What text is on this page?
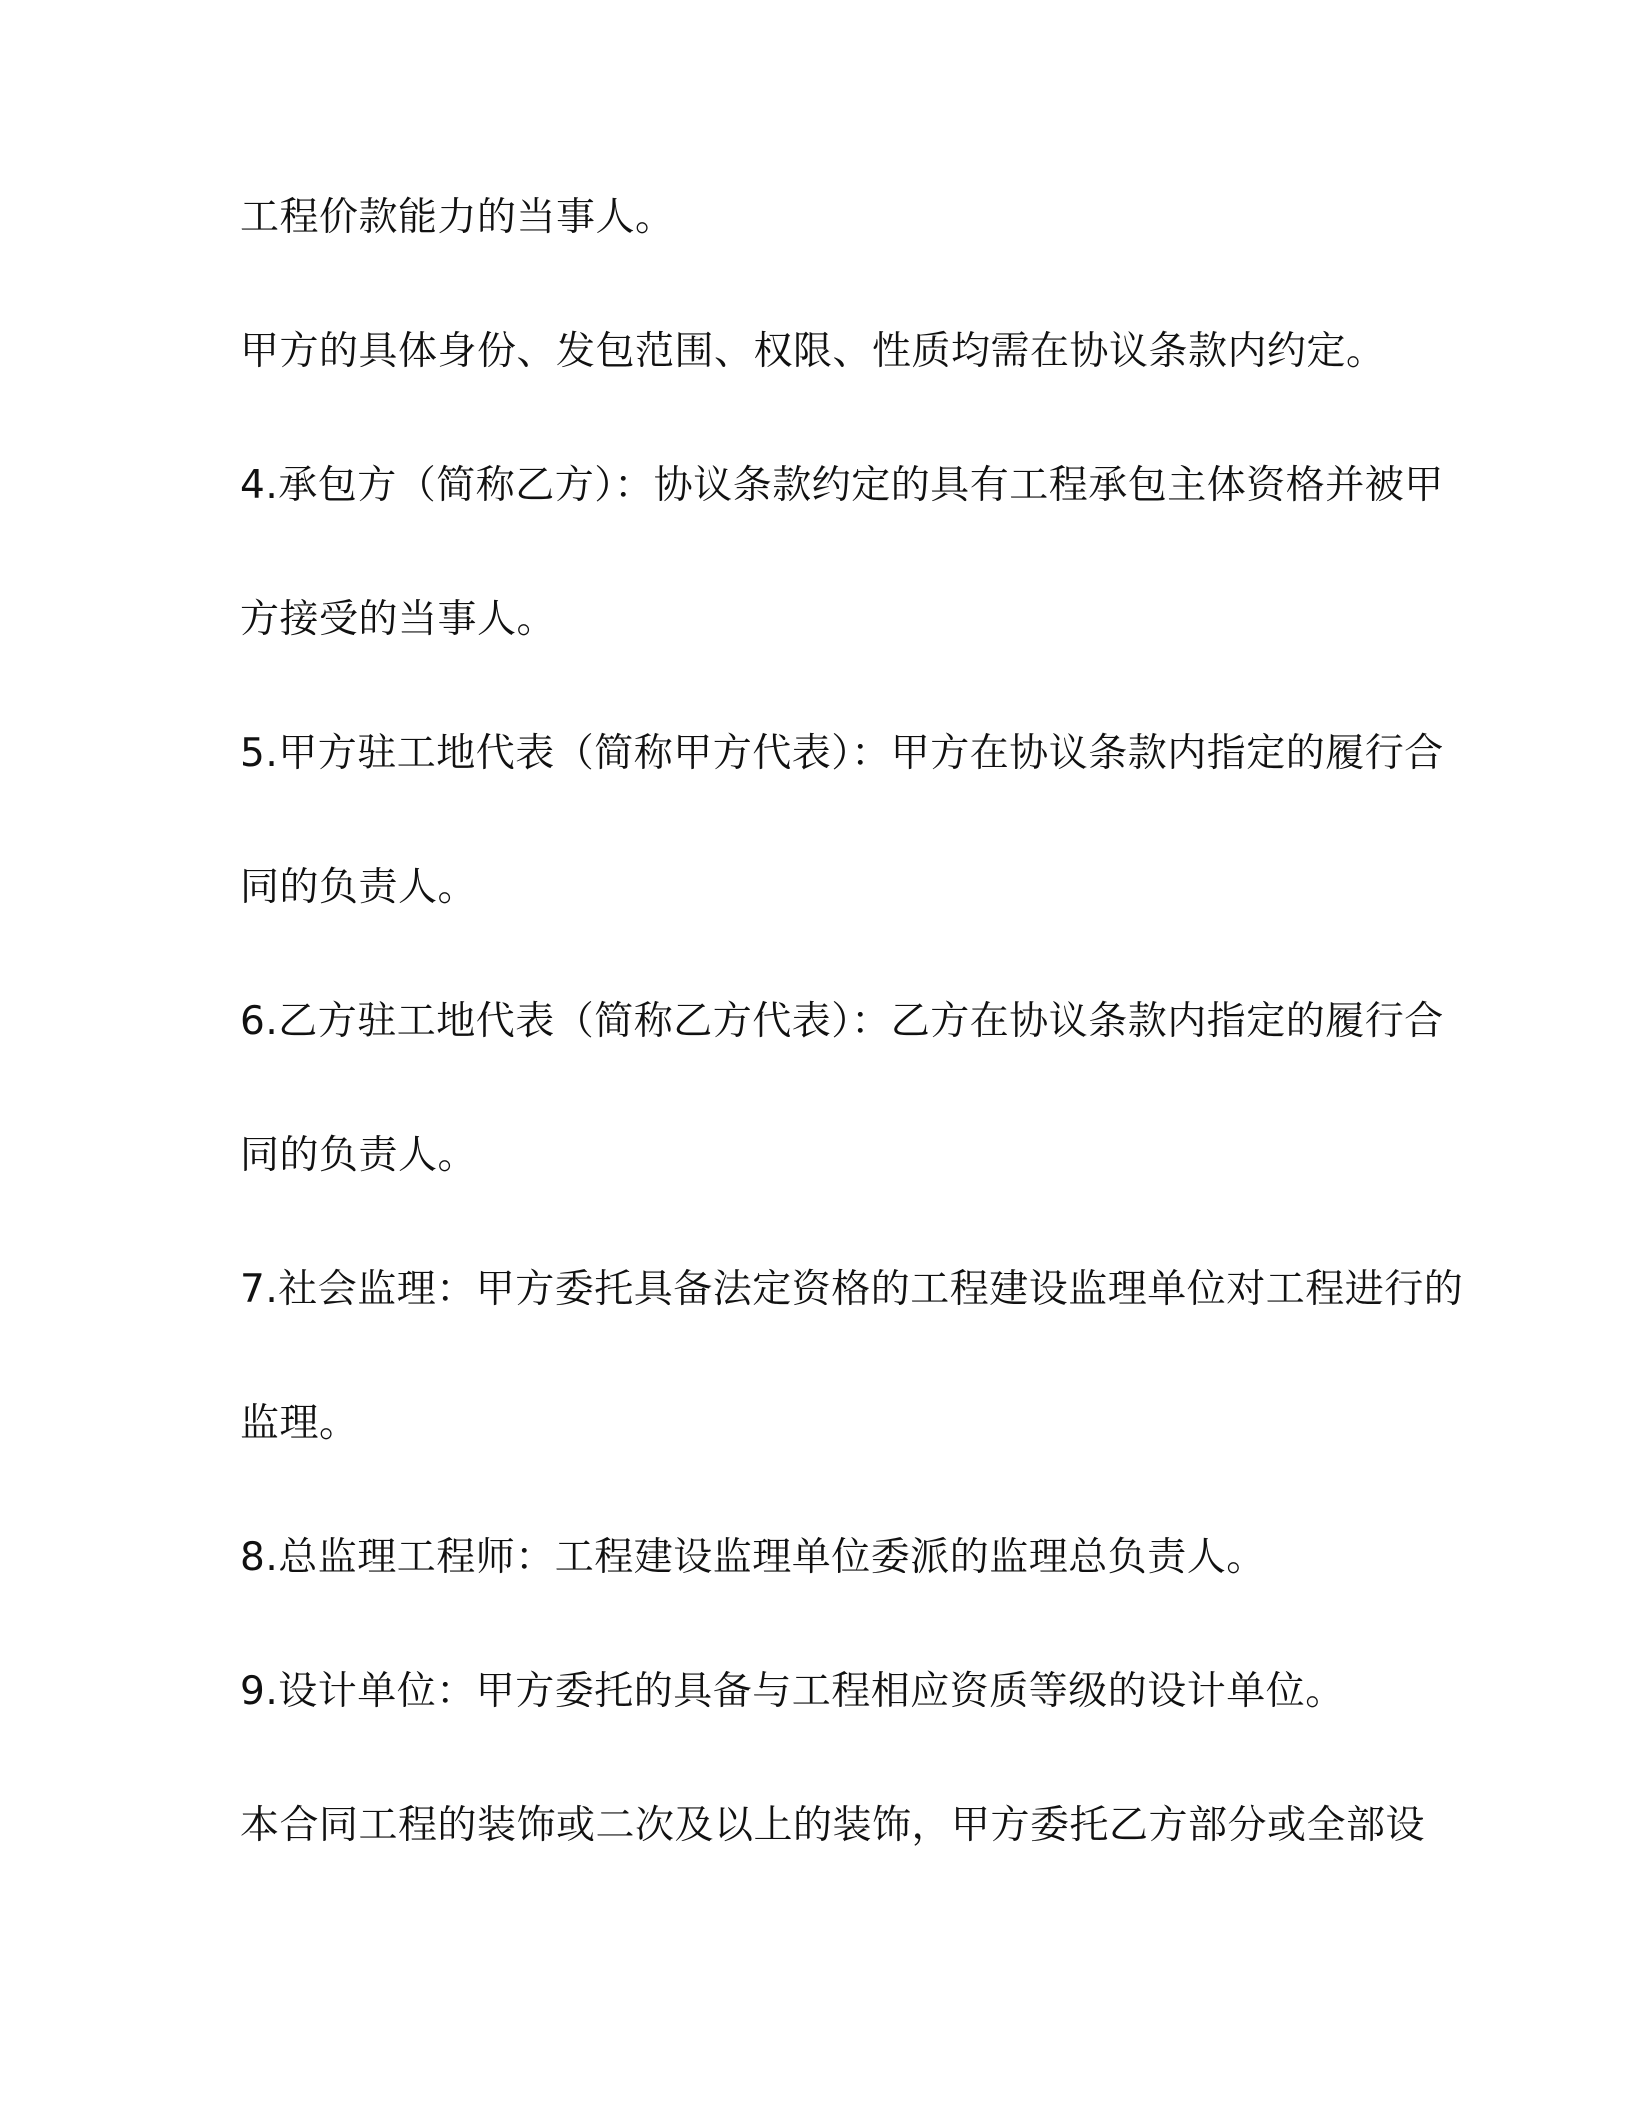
工程价款能力的当事人。

甲方的具体身份、发包范围、权限、性质均需在协议条款内约定。

4.承包方（简称乙方）：协议条款约定的具有工程承包主体资格并被甲

方接受的当事人。

5.甲方驻工地代表（简称甲方代表）：甲方在协议条款内指定的履行合

同的负责人。

6.乙方驻工地代表（简称乙方代表）：乙方在协议条款内指定的履行合

同的负责人。

7.社会监理：甲方委托具备法定资格的工程建设监理单位对工程进行的

监理。

8.总监理工程师：工程建设监理单位委派的监理总负责人。

9.设计单位：甲方委托的具备与工程相应资质等级的设计单位。

本合同工程的装饰或二次及以上的装饰，甲方委托乙方部分或全部设
